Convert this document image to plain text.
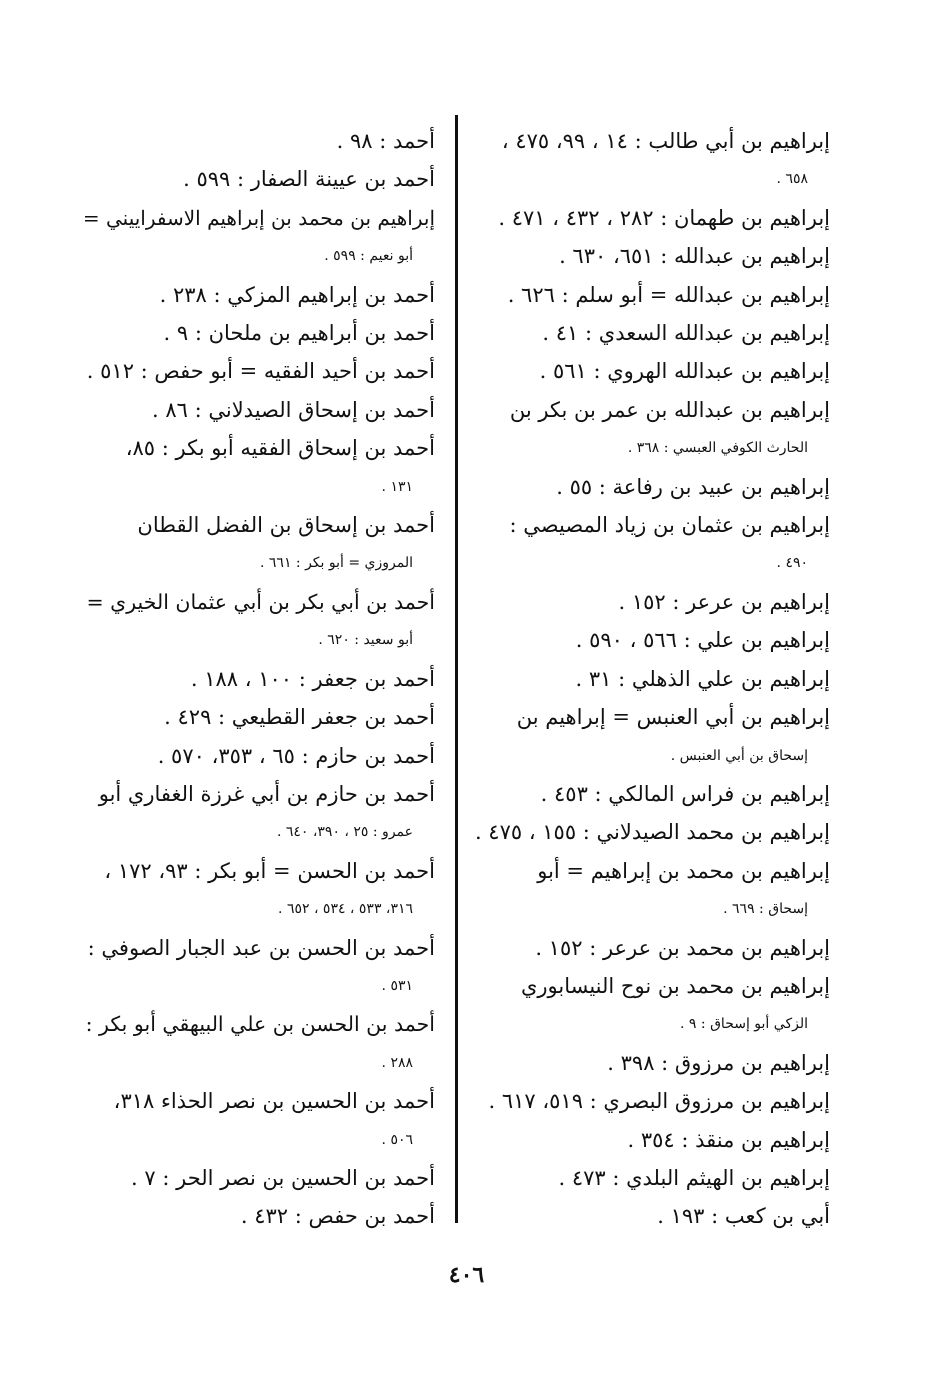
إبراهيم بن أبي طالب : ١٤ ، ٩٩، ٤٧٥ ،
٦٥٨ .
إبراهيم بن طهمان : ٢٨٢ ، ٤٣٢ ، ٤٧١ .
إبراهيم بن عبدالله : ٦٥١، ٦٣٠ .
إبراهيم بن عبدالله = أبو سلم : ٦٢٦ .
إبراهيم بن عبدالله السعدي : ٤١ .
إبراهيم بن عبدالله الهروي : ٥٦١ .
إبراهيم بن عبدالله بن عمر بن بكر بن
الحارث الكوفي العبسي : ٣٦٨ .
إبراهيم بن عبيد بن رفاعة : ٥٥ .
إبراهيم بن عثمان بن زياد المصيصي :
٤٩٠ .
إبراهيم بن عرعر : ١٥٢ .
إبراهيم بن علي : ٥٦٦ ، ٥٩٠ .
إبراهيم بن علي الذهلي : ٣١ .
إبراهيم بن أبي العنبس = إبراهيم بن
إسحاق بن أبي العنبس .
إبراهيم بن فراس المالكي : ٤٥٣ .
إبراهيم بن محمد الصيدلاني : ١٥٥ ، ٤٧٥ .
إبراهيم بن محمد بن إبراهيم = أبو
إسحاق : ٦٦٩ .
إبراهيم بن محمد بن عرعر : ١٥٢ .
إبراهيم بن محمد بن نوح النيسابوري
الزكي أبو إسحاق : ٩ .
إبراهيم بن مرزوق : ٣٩٨ .
إبراهيم بن مرزوق البصري : ٥١٩، ٦١٧ .
إبراهيم بن منقذ : ٣٥٤ .
إبراهيم بن الهيثم البلدي : ٤٧٣ .
أبي بن كعب : ١٩٣ .
أحمد : ٩٨ .
أحمد بن عيينة الصفار : ٥٩٩ .
إبراهيم بن محمد بن إبراهيم الاسفراييني =
أبو نعيم : ٥٩٩ .
أحمد بن إبراهيم المزكي : ٢٣٨ .
أحمد بن أبراهيم بن ملحان : ٩ .
أحمد بن أحيد الفقيه = أبو حفص : ٥١٢ .
أحمد بن إسحاق الصيدلاني : ٨٦ .
أحمد بن إسحاق الفقيه أبو بكر : ٨٥،
١٣١ .
أحمد بن إسحاق بن الفضل القطان
المروزي = أبو بكر : ٦٦١ .
أحمد بن أبي بكر بن أبي عثمان الخيري =
أبو سعيد : ٦٢٠ .
أحمد بن جعفر : ١٠٠ ، ١٨٨ .
أحمد بن جعفر القطيعي : ٤٢٩ .
أحمد بن حازم : ٦٥ ، ٣٥٣، ٥٧٠ .
أحمد بن حازم بن أبي غرزة الغفاري أبو
عمرو : ٢٥ ، ٣٩٠، ٦٤٠ .
أحمد بن الحسن = أبو بكر : ٩٣، ١٧٢ ،
٣١٦، ٥٣٣ ، ٥٣٤ ، ٦٥٢ .
أحمد بن الحسن بن عبد الجبار الصوفي :
٥٣١ .
أحمد بن الحسن بن علي البيهقي أبو بكر :
٢٨٨ .
أحمد بن الحسين بن نصر الحذاء ٣١٨،
٥٠٦ .
أحمد بن الحسين بن نصر الحر : ٧ .
أحمد بن حفص : ٤٣٢ .
٤٠٦
